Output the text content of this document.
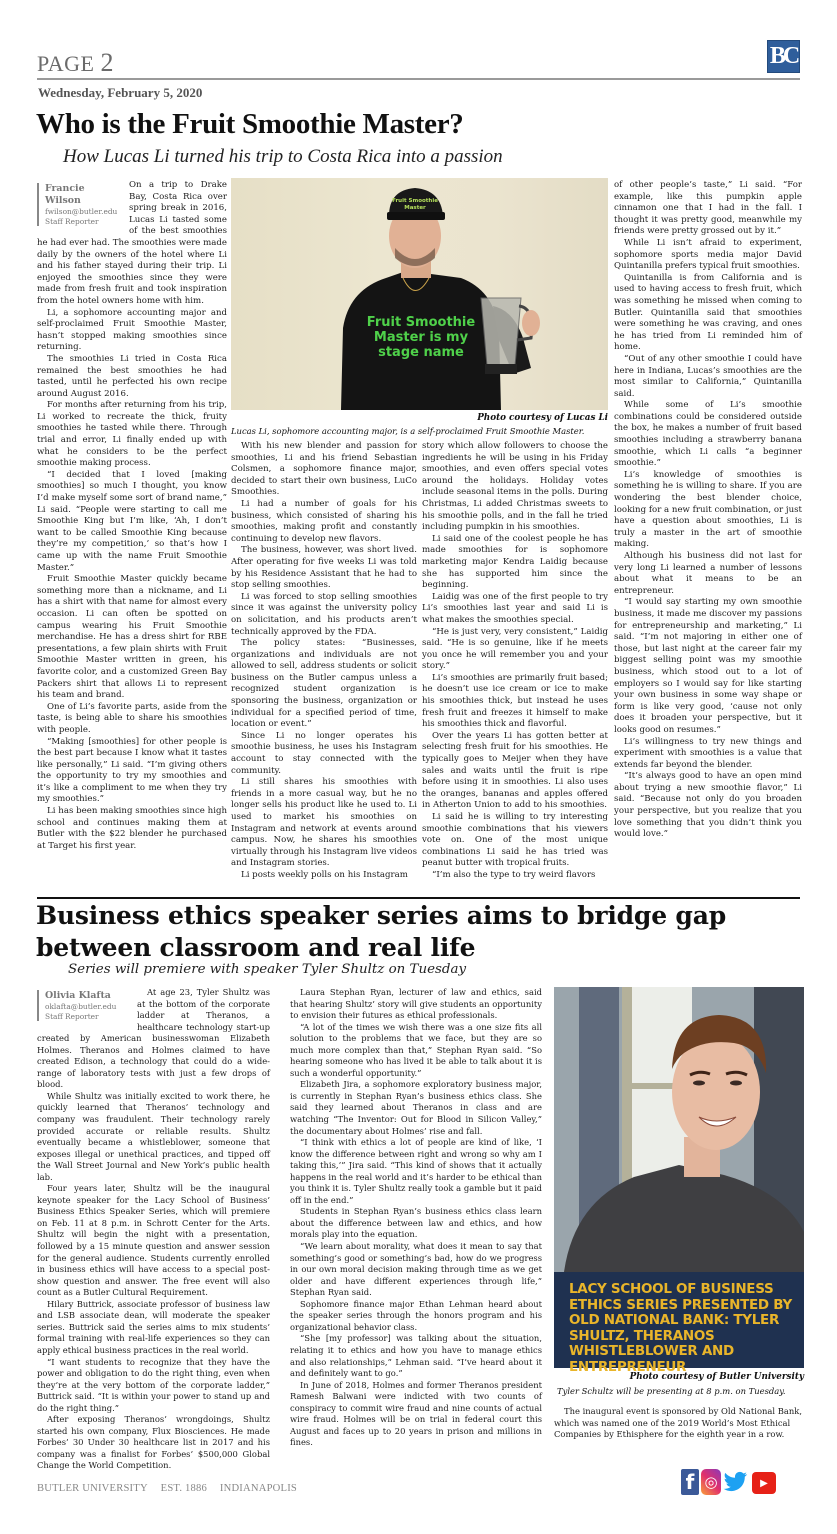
PAGE 2	BC
Wednesday, February 5, 2020
Who is the Fruit Smoothie Master?
How Lucas Li turned his trip to Costa Rica into a passion
Francie Wilson
fwilson@butler.edu
Staff Reporter

On a trip to Drake Bay, Costa Rica over spring break in 2016, Lucas Li tasted some of the best smoothies he had ever had. The smoothies were made daily by the owners of the hotel where Li and his father stayed during their trip. Li enjoyed the smoothies since they were made from fresh fruit and took inspiration from the hotel owners home with him.

Li, a sophomore accounting major and self-proclaimed Fruit Smoothie Master, hasn’t stopped making smoothies since returning.

The smoothies Li tried in Costa Rica remained the best smoothies he had tasted, until he perfected his own recipe around August 2016.

For months after returning from his trip, Li worked to recreate the thick, fruity smoothies he tasted while there. Through trial and error, Li finally ended up with what he considers to be the perfect smoothie making process.

“I decided that I loved [making smoothies] so much I thought, you know I’d make myself some sort of brand name,” Li said. “People were starting to call me Smoothie King but I’m like, ‘Ah, I don’t want to be called Smoothie King because they’re my competition,’ so that’s how I came up with the name Fruit Smoothie Master.”

Fruit Smoothie Master quickly became something more than a nickname, and Li has a shirt with that name for almost every occasion. Li can often be spotted on campus wearing his Fruit Smoothie merchandise. He has a dress shirt for RBE presentations, a few plain shirts with Fruit Smoothie Master written in green, his favorite color, and a customized Green Bay Packers shirt that allows Li to represent his team and brand.

One of Li’s favorite parts, aside from the taste, is being able to share his smoothies with people.

“Making [smoothies] for other people is the best part because I know what it tastes like personally,” Li said. “I’m giving others the opportunity to try my smoothies and it’s like a compliment to me when they try my smoothies.”

Li has been making smoothies since high school and continues making them at Butler with the $22 blender he purchased at Target his first year.

Fruit Smoothie
Master
Fruit Smoothie
Master is my
stage name
Photo courtesy of Lucas Li
Lucas Li, sophomore accounting major, is a self-proclaimed Fruit Smoothie Master.

With his new blender and passion for smoothies, Li and his friend Sebastian Colsmen, a sophomore finance major, decided to start their own business, LuCo Smoothies.

Li had a number of goals for his business, which consisted of sharing his smoothies, making profit and constantly continuing to develop new flavors.

The business, however, was short lived. After operating for five weeks Li was told by his Residence Assistant that he had to stop selling smoothies.

Li was forced to stop selling smoothies since it was against the university policy on solicitation, and his products aren’t technically approved by the FDA.

The policy states: “Businesses, organizations and individuals are not allowed to sell, address students or solicit business on the Butler campus unless a recognized student organization is sponsoring the business, organization or individual for a specified period of time, location or event.”

Since Li no longer operates his smoothie business, he uses his Instagram account to stay connected with the community.

Li still shares his smoothies with friends in a more casual way, but he no longer sells his product like he used to. Li used to market his smoothies on Instagram and network at events around campus. Now, he shares his smoothies virtually through his Instagram live videos and Instagram stories.

Li posts weekly polls on his Instagram

story which allow followers to choose the ingredients he will be using in his Friday smoothies, and even offers special votes around the holidays. Holiday votes include seasonal items in the polls. During Christmas, Li added Christmas sweets to his smoothie polls, and in the fall he tried including pumpkin in his smoothies.

Li said one of the coolest people he has made smoothies for is sophomore marketing major Kendra Laidig because she has supported him since the beginning.

Laidig was one of the first people to try Li’s smoothies last year and said Li is what makes the smoothies special.

“He is just very, very consistent,” Laidig said. “He is so genuine, like if he meets you once he will remember you and your story.”

Li’s smoothies are primarily fruit based; he doesn’t use ice cream or ice to make his smoothies thick, but instead he uses fresh fruit and freezes it himself to make his smoothies thick and flavorful.

Over the years Li has gotten better at selecting fresh fruit for his smoothies. He typically goes to Meijer when they have sales and waits until the fruit is ripe before using it in smoothies. Li also uses the oranges, bananas and apples offered in Atherton Union to add to his smoothies.

Li said he is willing to try interesting smoothie combinations that his viewers vote on. One of the most unique combinations Li said he has tried was peanut butter with tropical fruits.

“I’m also the type to try weird flavors

of other people’s taste,” Li said. “For example, like this pumpkin apple cinnamon one that I had in the fall. I thought it was pretty good, meanwhile my friends were pretty grossed out by it.”

While Li isn’t afraid to experiment, sophomore sports media major David Quintanilla prefers typical fruit smoothies.

Quintanilla is from California and is used to having access to fresh fruit, which was something he missed when coming to Butler. Quintanilla said that smoothies were something he was craving, and ones he has tried from Li reminded him of home.

“Out of any other smoothie I could have here in Indiana, Lucas’s smoothies are the most similar to California,” Quintanilla said.

While some of Li’s smoothie combinations could be considered outside the box, he makes a number of fruit based smoothies including a strawberry banana smoothie, which Li calls “a beginner smoothie.”

Li’s knowledge of smoothies is something he is willing to share. If you are wondering the best blender choice, looking for a new fruit combination, or just have a question about smoothies, Li is truly a master in the art of smoothie making.

Although his business did not last for very long Li learned a number of lessons about what it means to be an entrepreneur.

“I would say starting my own smoothie business, it made me discover my passions for entrepreneurship and marketing,” Li said. “I’m not majoring in either one of those, but last night at the career fair my biggest selling point was my smoothie business, which stood out to a lot of employers so I would say for like starting your own business in some way shape or form is like very good, ‘cause not only does it broaden your perspective, but it looks good on resumes.”

Li’s willingness to try new things and experiment with smoothies is a value that extends far beyond the blender.

“It’s always good to have an open mind about trying a new smoothie flavor,” Li said. “Because not only do you broaden your perspective, but you realize that you love something that you didn’t think you would love.”

Business ethics speaker series aims to bridge gap between classroom and real life
Series will premiere with speaker Tyler Shultz on Tuesday
Olivia Klafta
oklafta@butler.edu
Staff Reporter

At age 23, Tyler Shultz was at the bottom of the corporate ladder at Theranos, a healthcare technology start-up created by American businesswoman Elizabeth Holmes. Theranos and Holmes claimed to have created Edison, a technology that could do a wide-range of laboratory tests with just a few drops of blood.

While Shultz was initially excited to work there, he quickly learned that Theranos’ technology and company was fraudulent. Their technology rarely provided accurate or reliable results. Shultz eventually became a whistleblower, someone that exposes illegal or unethical practices, and tipped off the Wall Street Journal and New York’s public health lab.

Four years later, Shultz will be the inaugural keynote speaker for the Lacy School of Business’ Business Ethics Speaker Series, which will premiere on Feb. 11 at 8 p.m. in Schrott Center for the Arts. Shultz will begin the night with a presentation, followed by a 15 minute question and answer session for the general audience. Students currently enrolled in business ethics will have access to a special post-show question and answer. The free event will also count as a Butler Cultural Requirement.

Hilary Buttrick, associate professor of business law and LSB associate dean, will moderate the speaker series. Buttrick said the series aims to mix students’ formal training with real-life experiences so they can apply ethical business practices in the real world.

“I want students to recognize that they have the power and obligation to do the right thing, even when they’re at the very bottom of the corporate ladder,” Buttrick said. “It is within your power to stand up and do the right thing.”

After exposing Theranos’ wrongdoings, Shultz started his own company, Flux Biosciences. He made Forbes’ 30 Under 30 healthcare list in 2017 and his company was a finalist for Forbes’ $500,000 Global Change the World Competition.

Laura Stephan Ryan, lecturer of law and ethics, said that hearing Shultz’ story will give students an opportunity to envision their futures as ethical professionals.

“A lot of the times we wish there was a one size fits all solution to the problems that we face, but they are so much more complex than that,” Stephan Ryan said. “So hearing someone who has lived it be able to talk about it is such a wonderful opportunity.”

Elizabeth Jira, a sophomore exploratory business major, is currently in Stephan Ryan’s business ethics class. She said they learned about Theranos in class and are watching “The Inventor: Out for Blood in Silicon Valley,” the documentary about Holmes’ rise and fall.

“I think with ethics a lot of people are kind of like, ‘I know the difference between right and wrong so why am I taking this,’” Jira said. “This kind of shows that it actually happens in the real world and it’s harder to be ethical than you think it is. Tyler Shultz really took a gamble but it paid off in the end.”

Students in Stephan Ryan’s business ethics class learn about the difference between law and ethics, and how morals play into the equation.

“We learn about morality, what does it mean to say that something’s good or something’s bad, how do we progress in our own moral decision making through time as we get older and have different experiences through life,” Stephan Ryan said.

Sophomore finance major Ethan Lehman heard about the speaker series through the honors program and his organizational behavior class.

“She [my professor] was talking about the situation, relating it to ethics and how you have to manage ethics and also relationships,” Lehman said. “I’ve heard about it and definitely want to go.”

In June of 2018, Holmes and former Theranos president Ramesh Balwani were indicted with two counts of conspiracy to commit wire fraud and nine counts of actual wire fraud. Holmes will be on trial in federal court this August and faces up to 20 years in prison and millions in fines.

LACY SCHOOL OF BUSINESS ETHICS SERIES PRESENTED BY OLD NATIONAL BANK: TYLER SHULTZ, THERANOS WHISTLEBLOWER AND ENTREPRENEUR
Photo courtesy of Butler University
Tyler Schultz will be presenting at 8 p.m. on Tuesday.

The inaugural event is sponsored by Old National Bank, which was named one of the 2019 World’s Most Ethical Companies by Ethisphere for the eighth year in a row.

BUTLER UNIVERSITY EST. 1886 INDIANAPOLIS	f ◎	▶
